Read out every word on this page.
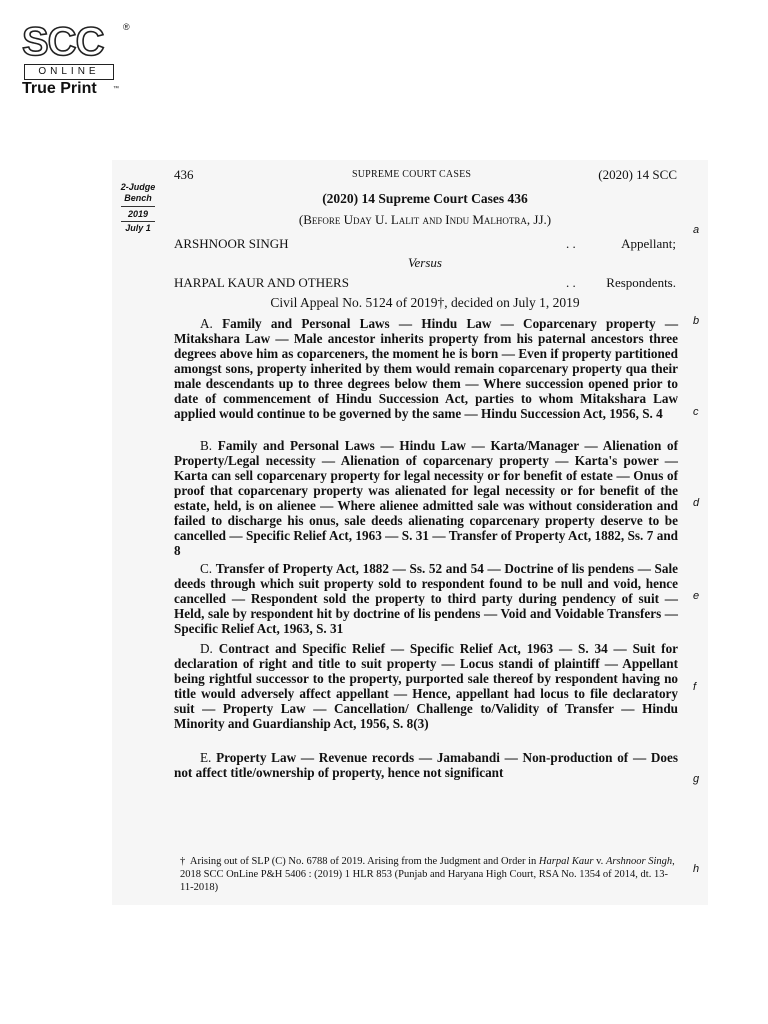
SCC ®
ONLINE
True Print	™
2-Judge
Bench
2019
July 1
436	SUPREME COURT CASES	(2020) 14 SCC
(2020) 14 Supreme Court Cases 436
(Before Uday U. Lalit and Indu Malhotra, JJ.)
ARSHNOOR SINGH	. .	Appellant;
Versus
HARPAL KAUR AND OTHERS	. . Respondents.
Civil Appeal No. 5124 of 2019†, decided on July 1, 2019
A. Family and Personal Laws — Hindu Law — Coparcenary property — Mitakshara Law — Male ancestor inherits property from his paternal ancestors three degrees above him as coparceners, the moment he is born — Even if property partitioned amongst sons, property inherited by them would remain coparcenary property qua their male descendants up to three degrees below them — Where succession opened prior to date of commencement of Hindu Succession Act, parties to whom Mitakshara Law applied would continue to be governed by the same — Hindu Succession Act, 1956, S. 4
B. Family and Personal Laws — Hindu Law — Karta/Manager — Alienation of Property/Legal necessity — Alienation of coparcenary property — Karta's power — Karta can sell coparcenary property for legal necessity or for benefit of estate — Onus of proof that coparcenary property was alienated for legal necessity or for benefit of the estate, held, is on alienee — Where alienee admitted sale was without consideration and failed to discharge his onus, sale deeds alienating coparcenary property deserve to be cancelled — Specific Relief Act, 1963 — S. 31 — Transfer of Property Act, 1882, Ss. 7 and 8
C. Transfer of Property Act, 1882 — Ss. 52 and 54 — Doctrine of lis pendens — Sale deeds through which suit property sold to respondent found to be null and void, hence cancelled — Respondent sold the property to third party during pendency of suit — Held, sale by respondent hit by doctrine of lis pendens — Void and Voidable Transfers — Specific Relief Act, 1963, S. 31
D. Contract and Specific Relief — Specific Relief Act, 1963 — S. 34 — Suit for declaration of right and title to suit property — Locus standi of plaintiff — Appellant being rightful successor to the property, purported sale thereof by respondent having no title would adversely affect appellant — Hence, appellant had locus to file declaratory suit — Property Law — Cancellation/ Challenge to/Validity of Transfer — Hindu Minority and Guardianship Act, 1956, S. 8(3)
E. Property Law — Revenue records — Jamabandi — Non-production of — Does not affect title/ownership of property, hence not significant
a
b
c
d
e
f
g
h
† Arising out of SLP (C) No. 6788 of 2019. Arising from the Judgment and Order in Harpal Kaur v. Arshnoor Singh, 2018 SCC OnLine P&H 5406 : (2019) 1 HLR 853 (Punjab and Haryana High Court, RSA No. 1354 of 2014, dt. 13-11-2018)
